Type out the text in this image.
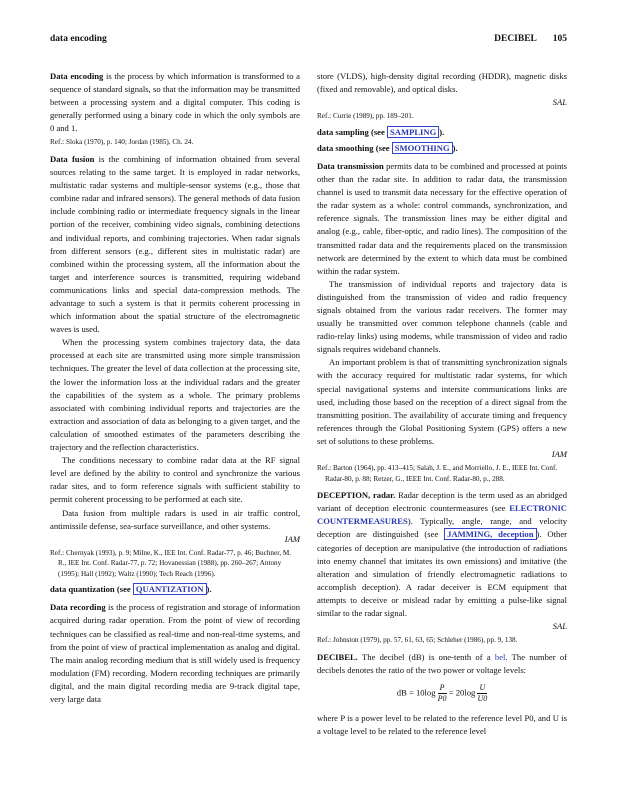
data encoding	DECIBEL 105

Data encoding is the process by which information is transformed to a sequence of standard signals, so that the information may be transmitted between a processing system and a digital computer. This coding is generally performed using a binary code in which the only symbols are 0 and 1.

Ref.: Sloka (1970), p. 140; Jordan (1985), Ch. 24.

Data fusion is the combining of information obtained from several sources relating to the same target. It is employed in radar networks, multistatic radar systems and multiple-sensor systems (e.g., those that combine radar and infrared sensors). The general methods of data fusion include combining radio or intermediate frequency signals in the linear portion of the receiver, combining video signals, combining detections and individual reports, and combining trajectories. When radar signals from different sensors (e.g., different sites in multistatic radar) are combined within the processing system, all the information about the target and interference sources is transmitted, requiring wideband communications links and special data-compression methods. The advantage to such a system is that it permits coherent processing in which information about the spatial structure of the electromagnetic waves is used.

When the processing system combines trajectory data, the data processed at each site are transmitted using more simple transmission techniques. The greater the level of data collection at the processing site, the lower the information loss at the individual radars and the greater the capabilities of the system as a whole. The primary problems associated with combining individual reports and trajectories are the extraction and association of data as belonging to a given target, and the calculation of smoothed estimates of the parameters describing the trajectory and the reflection characteristics.

The conditions necessary to combine radar data at the RF signal level are defined by the ability to control and synchronize the various radar sites, and to form reference signals with sufficient stability to permit coherent processing to be performed at each site.

Data fusion from multiple radars is used in air traffic control, antimissile defense, sea-surface surveillance, and other systems.

IAM

Ref.: Chernyak (1993), p. 9; Milne, K., IEE Int. Conf. Radar-77, p. 46; Buchner, M. R., IEE Int. Conf. Radar-77, p. 72; Hovanessian (1988), pp. 260–267; Antony (1995); Hall (1992); Waltz (1990); Tech Reach (1996).

data quantization (see QUANTIZATION ).

Data recording is the process of registration and storage of information acquired during radar operation. From the point of view of recording techniques can be classified as real-time and non-real-time systems, and from the point of view of practical implementation as analog and digital. The main analog recording medium that is still widely used is frequency modulation (FM) recording. Modern recording techniques are primarily digital, and the main digital recording media are 9-track digital tape, very large data

store (VLDS), high-density digital recording (HDDR), magnetic disks (fixed and removable), and optical disks.

SAL

Ref.: Currie (1989), pp. 189–201.

data sampling (see SAMPLING ).

data smoothing (see SMOOTHING ).

Data transmission permits data to be combined and processed at points other than the radar site. In addition to radar data, the transmission channel is used to transmit data necessary for the effective operation of the radar system as a whole: control commands, synchronization, and reference signals. The transmission lines may be either digital and analog (e.g., cable, fiber-optic, and radio lines). The composition of the transmitted radar data and the requirements placed on the transmission network are determined by the extent to which data must be combined within the radar system.

The transmission of individual reports and trajectory data is distinguished from the transmission of video and radio frequency signals obtained from the various radar receivers. The former may usually be transmitted over common telephone channels (cable and radio-relay links) using modems, while transmission of video and radio signals requires wideband channels.

An important problem is that of transmitting synchronization signals with the accuracy required for multistatic radar systems, for which special navigational systems and intersite communications links are used, including those based on the reception of a direct signal from the transmitting position. The availability of accurate timing and frequency references through the Global Positioning System (GPS) offers a new set of solutions to these problems.

IAM

Ref.: Barton (1964), pp. 413–415; Salah, J. E., and Morriello, J. E., IEEE Int. Conf. Radar-80, p. 88; Retzer, G., IEEE Int. Conf. Radar-80, p., 288.

DECEPTION, radar. Radar deception is the term used as an abridged variant of deception electronic countermeasures (see ELECTRONIC COUNTERMEASURES). Typically, angle, range, and velocity deception are distinguished (see JAMMING, deception ). Other categories of deception are manipulative (the introduction of radiations into enemy channel that imitates its own emissions) and imitative (the alteration and simulation of friendly electromagnetic radiations to accomplish deception). A radar deceiver is ECM equipment that attempts to deceive or mislead radar by emitting a pulse-like signal similar to the radar signal.

SAL

Ref.: Johnston (1979), pp. 57, 61, 63, 65; Schleher (1986), pp. 9, 138.

DECIBEL. The decibel (dB) is one-tenth of a bel. The number of decibels denotes the ratio of the two power or voltage levels:

dB = $10\log \frac{P}{P0} = 20\log \frac{U}{U0}$

where P is a power level to be related to the reference level P0, and U is a voltage level to be related to the reference level
